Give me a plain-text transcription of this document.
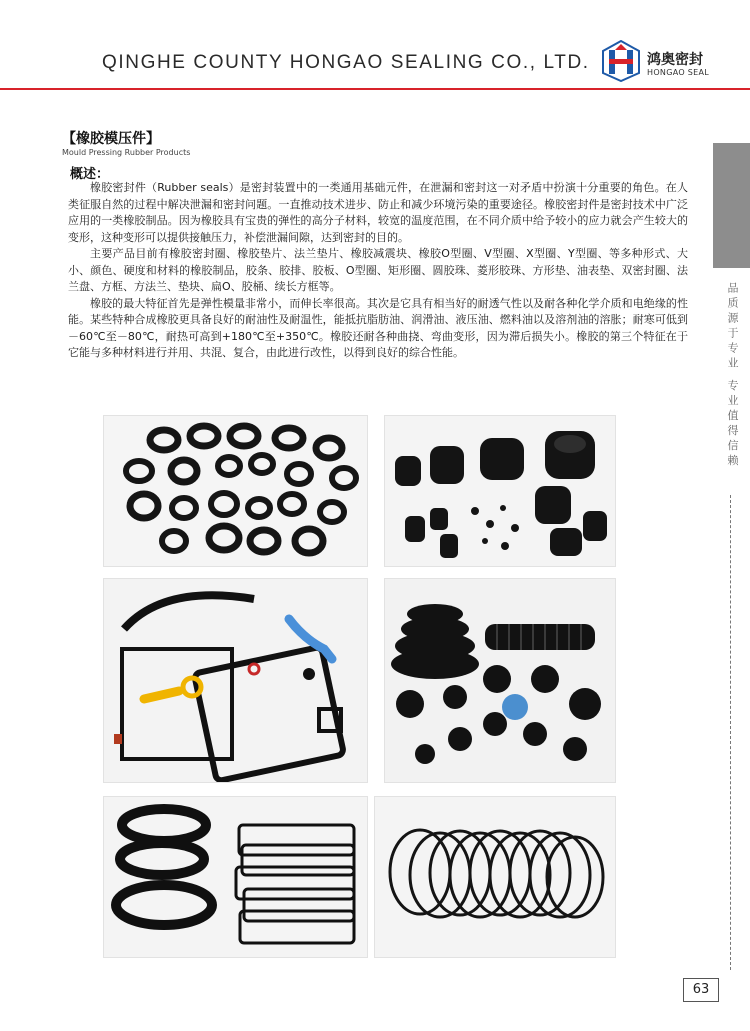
QINGHE COUNTY HONGAO SEALING CO., LTD.	鸿奥密封
HONGAO SEAL
【橡胶模压件】
Mould Pressing Rubber Products
概述：

橡胶密封件（Rubber seals）是密封装置中的一类通用基础元件，在泄漏和密封这一对矛盾中扮演十分重要的角色。在人类征服自然的过程中解决泄漏和密封问题。一直推动技术进步、防止和减少环境污染的重要途径。橡胶密封件是密封技术中广泛应用的一类橡胶制品。因为橡胶具有宝贵的弹性的高分子材料，较宽的温度范围，在不同介质中给予较小的应力就会产生较大的变形，这种变形可以提供接触压力，补偿泄漏间隙，达到密封的目的。

主要产品目前有橡胶密封圈、橡胶垫片、法兰垫片、橡胶减震块、橡胶O型圈、V型圈、X型圈、Y型圈、等多种形式、大小、颜色、硬度和材料的橡胶制品，胶条、胶排、胶板、O型圈、矩形圈、圆胶珠、菱形胶珠、方形垫、油表垫、双密封圈、法兰盘、方框、方法兰、垫块、扁O、胶桶、续长方框等。

橡胶的最大特征首先是弹性模量非常小，而伸长率很高。其次是它具有相当好的耐透气性以及耐各种化学介质和电绝缘的性能。某些特种合成橡胶更具备良好的耐油性及耐温性，能抵抗脂肪油、润滑油、液压油、燃料油以及溶剂油的溶胀；耐寒可低到－60℃至－80℃，耐热可高到+180℃至+350℃。橡胶还耐各种曲挠、弯曲变形，因为滞后损失小。橡胶的第三个特征在于它能与多种材料进行并用、共混、复合，由此进行改性，以得到良好的综合性能。	品质源于专业 专业值得信赖
63
